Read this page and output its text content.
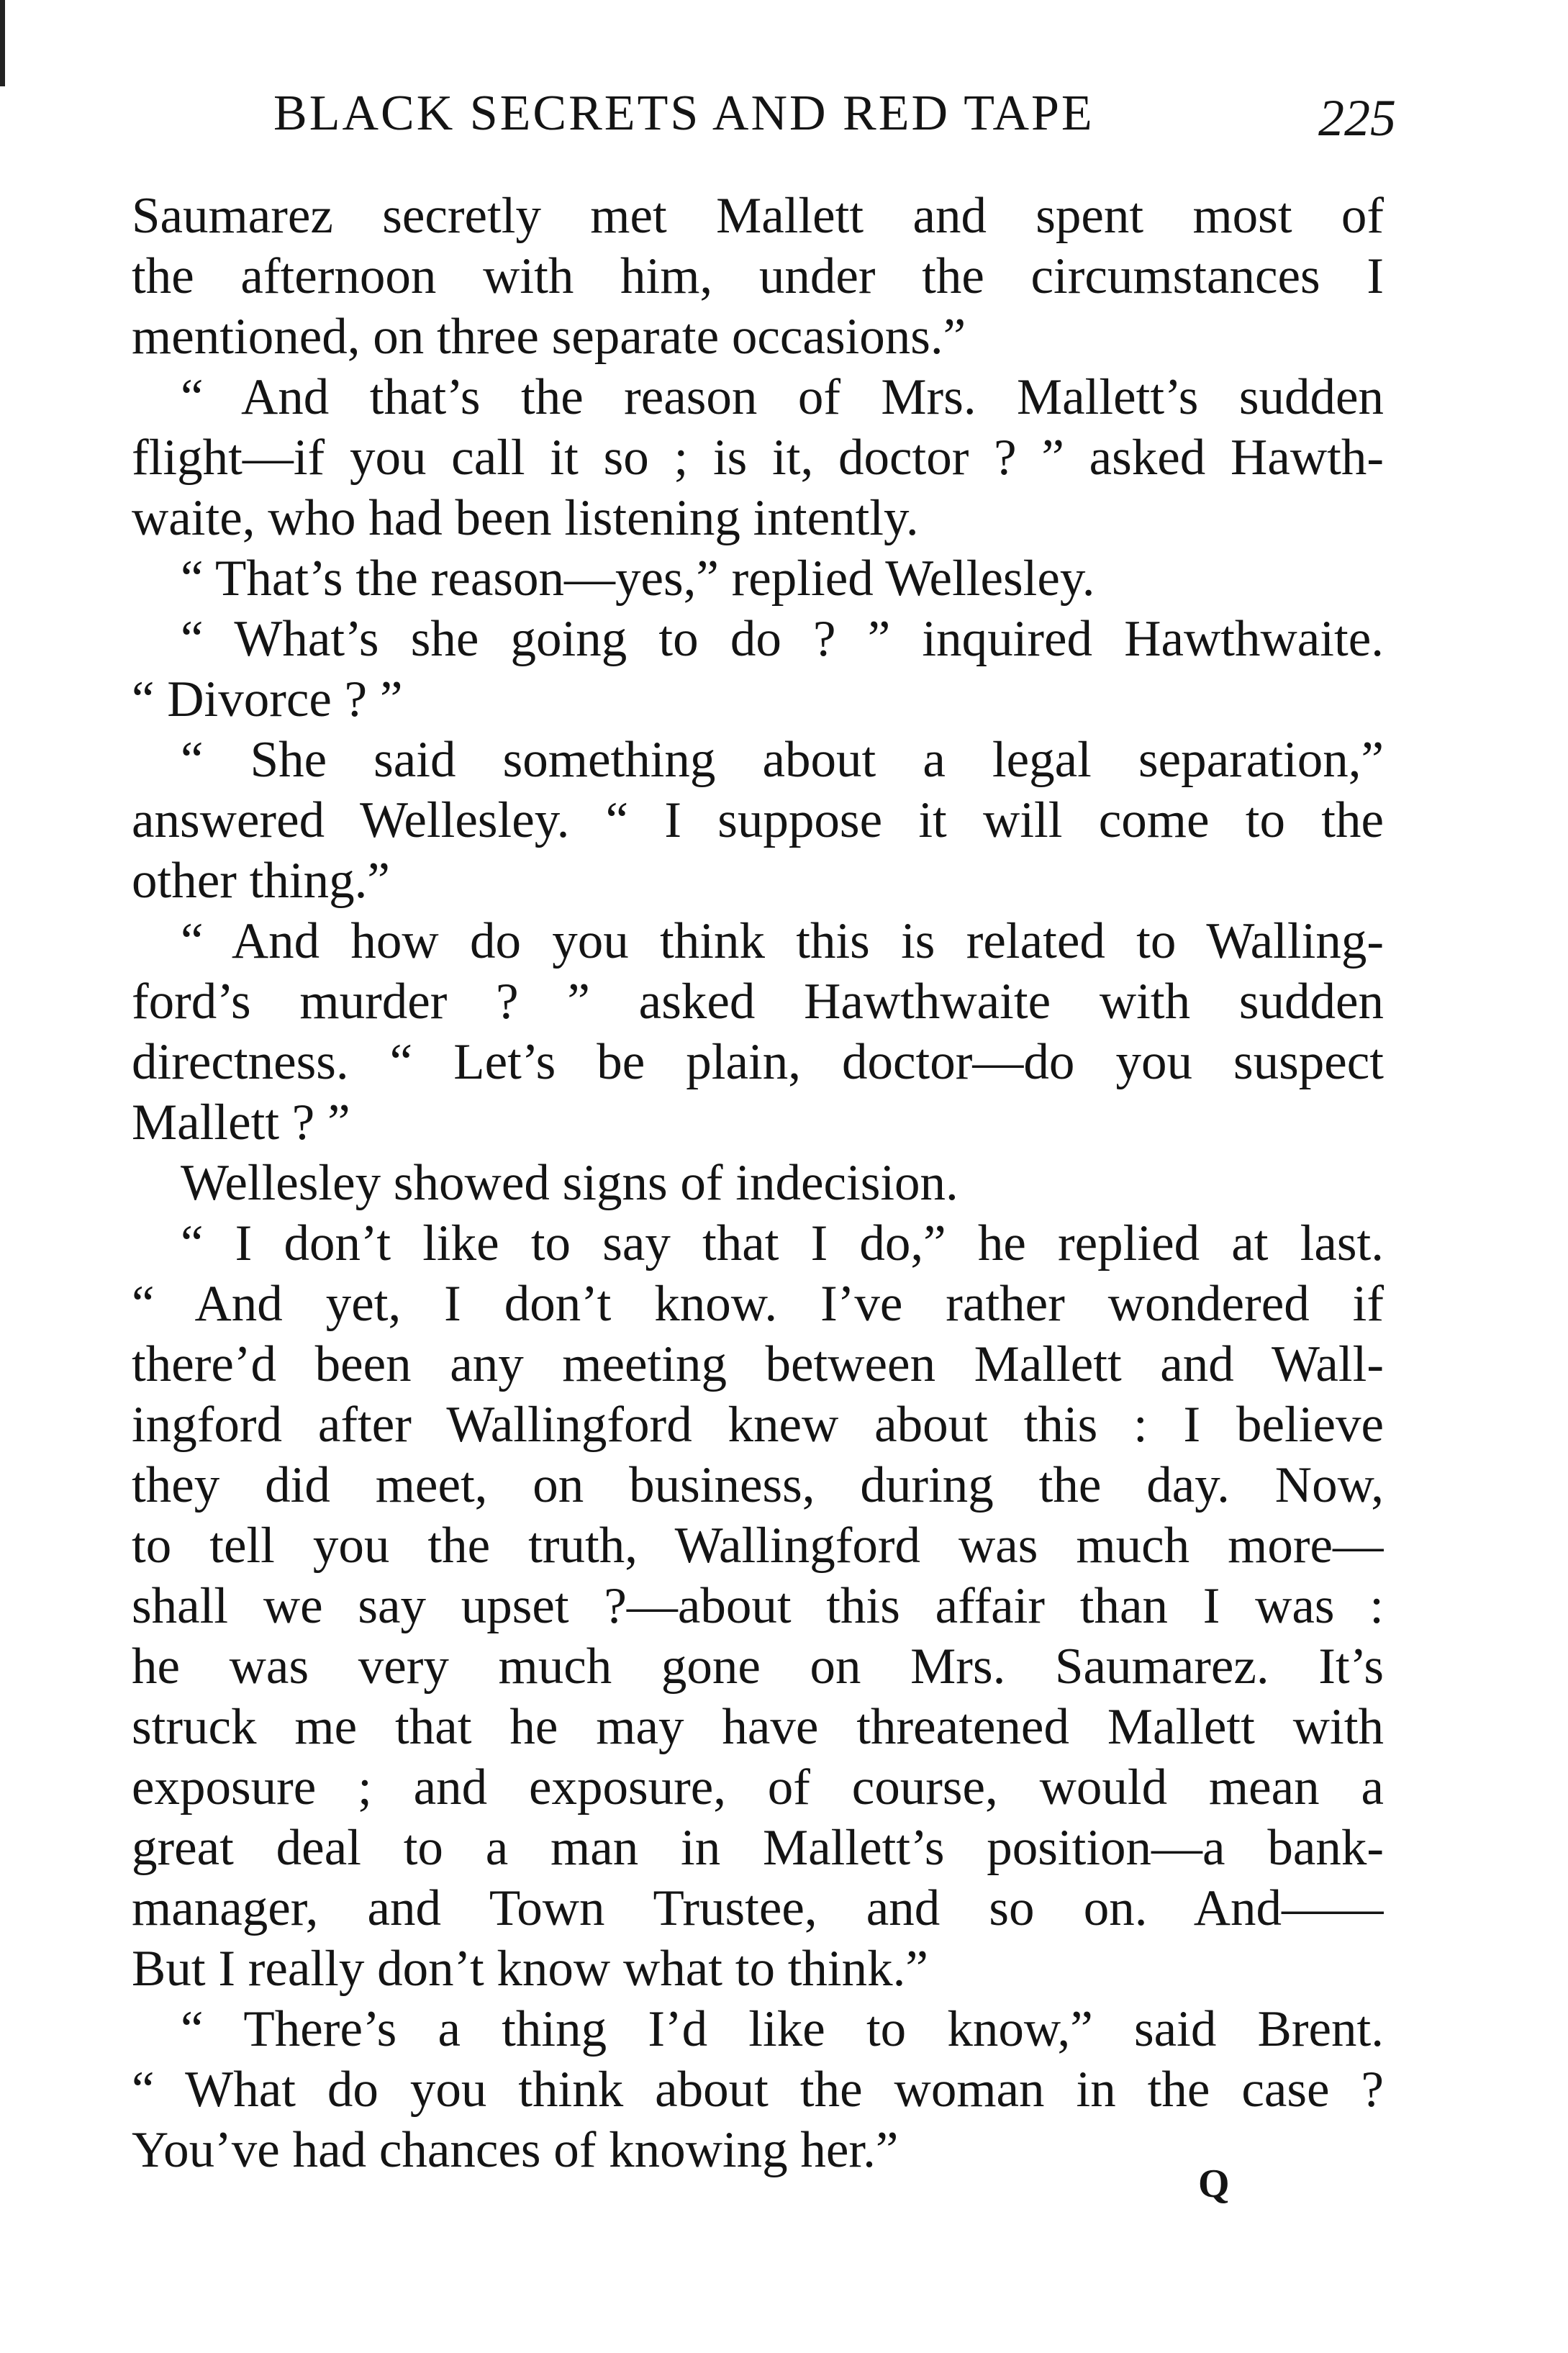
BLACK SECRETS AND RED TAPE	225
Saumarez secretly met Mallett and spent most of
the afternoon with him, under the circumstances I
mentioned, on three separate occasions.”
“ And that’s the reason of Mrs. Mallett’s sudden
flight—if you call it so ; is it, doctor ? ” asked Hawth-
waite, who had been listening intently.
“ That’s the reason—yes,” replied Wellesley.
“ What’s she going to do ? ” inquired Hawthwaite.
“ Divorce ? ”
“ She said something about a legal separation,”
answered Wellesley. “ I suppose it will come to the
other thing.”
“ And how do you think this is related to Walling-
ford’s murder ? ” asked Hawthwaite with sudden
directness. “ Let’s be plain, doctor—do you suspect
Mallett ? ”
Wellesley showed signs of indecision.
“ I don’t like to say that I do,” he replied at last.
“ And yet, I don’t know. I’ve rather wondered if
there’d been any meeting between Mallett and Wall-
ingford after Wallingford knew about this : I believe
they did meet, on business, during the day. Now,
to tell you the truth, Wallingford was much more—
shall we say upset ?—about this affair than I was :
he was very much gone on Mrs. Saumarez. It’s
struck me that he may have threatened Mallett with
exposure ; and exposure, of course, would mean a
great deal to a man in Mallett’s position—a bank-
manager, and Town Trustee, and so on. And——
But I really don’t know what to think.”
“ There’s a thing I’d like to know,” said Brent.
“ What do you think about the woman in the case ?
You’ve had chances of knowing her.”
Q
